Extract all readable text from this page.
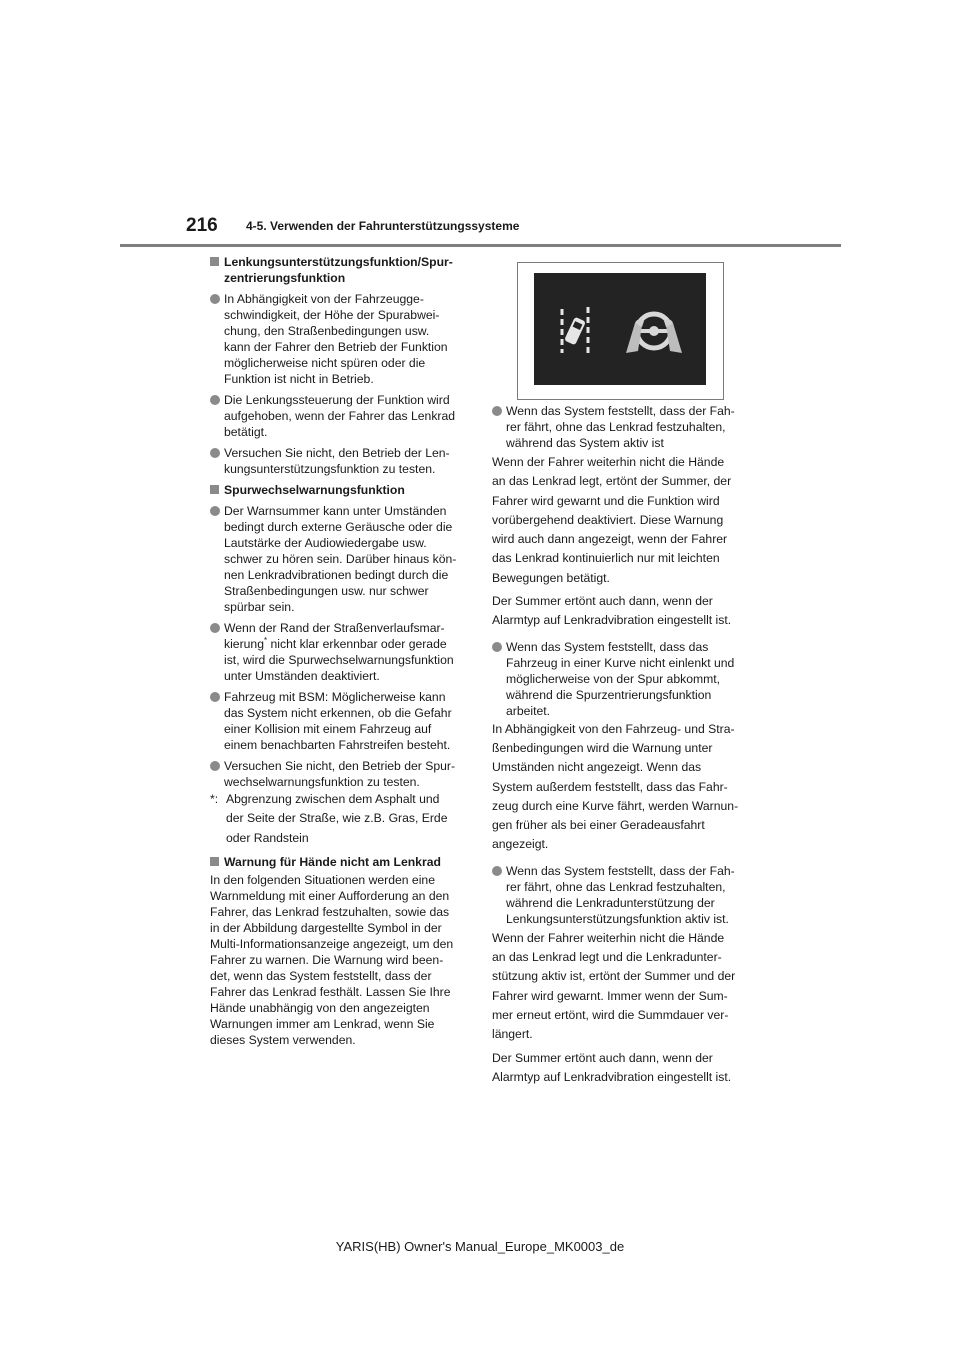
216 4-5. Verwenden der Fahrunterstützungssysteme
Lenkungsunterstützungsfunktion/Spur-
zentrierungsfunktion
In Abhängigkeit von der Fahrzeugge-
schwindigkeit, der Höhe der Spurabwei-
chung, den Straßenbedingungen usw.
kann der Fahrer den Betrieb der Funktion
möglicherweise nicht spüren oder die
Funktion ist nicht in Betrieb.
Die Lenkungssteuerung der Funktion wird
aufgehoben, wenn der Fahrer das Lenkrad
betätigt.
Versuchen Sie nicht, den Betrieb der Len-
kungsunterstützungsfunktion zu testen.
Spurwechselwarnungsfunktion
Der Warnsummer kann unter Umständen
bedingt durch externe Geräusche oder die
Lautstärke der Audiowiedergabe usw.
schwer zu hören sein. Darüber hinaus kön-
nen Lenkradvibrationen bedingt durch die
Straßenbedingungen usw. nur schwer
spürbar sein.
Wenn der Rand der Straßenverlaufsmar-
kierung* nicht klar erkennbar oder gerade
ist, wird die Spurwechselwarnungsfunktion
unter Umständen deaktiviert.
Fahrzeug mit BSM: Möglicherweise kann
das System nicht erkennen, ob die Gefahr
einer Kollision mit einem Fahrzeug auf
einem benachbarten Fahrstreifen besteht.
Versuchen Sie nicht, den Betrieb der Spur-
wechselwarnungsfunktion zu testen.
*: Abgrenzung zwischen dem Asphalt und
der Seite der Straße, wie z.B. Gras, Erde
oder Randstein
Warnung für Hände nicht am Lenkrad
In den folgenden Situationen werden eine
Warnmeldung mit einer Aufforderung an den
Fahrer, das Lenkrad festzuhalten, sowie das
in der Abbildung dargestellte Symbol in der
Multi-Informationsanzeige angezeigt, um den
Fahrer zu warnen. Die Warnung wird been-
det, wenn das System feststellt, dass der
Fahrer das Lenkrad festhält. Lassen Sie Ihre
Hände unabhängig von den angezeigten
Warnungen immer am Lenkrad, wenn Sie
dieses System verwenden.
Wenn das System feststellt, dass der Fah-
rer fährt, ohne das Lenkrad festzuhalten,
während das System aktiv ist
Wenn der Fahrer weiterhin nicht die Hände
an das Lenkrad legt, ertönt der Summer, der
Fahrer wird gewarnt und die Funktion wird
vorübergehend deaktiviert. Diese Warnung
wird auch dann angezeigt, wenn der Fahrer
das Lenkrad kontinuierlich nur mit leichten
Bewegungen betätigt.
Der Summer ertönt auch dann, wenn der
Alarmtyp auf Lenkradvibration eingestellt ist.
Wenn das System feststellt, dass das
Fahrzeug in einer Kurve nicht einlenkt und
möglicherweise von der Spur abkommt,
während die Spurzentrierungsfunktion
arbeitet.
In Abhängigkeit von den Fahrzeug- und Stra-
ßenbedingungen wird die Warnung unter
Umständen nicht angezeigt. Wenn das
System außerdem feststellt, dass das Fahr-
zeug durch eine Kurve fährt, werden Warnun-
gen früher als bei einer Geradeausfahrt
angezeigt.
Wenn das System feststellt, dass der Fah-
rer fährt, ohne das Lenkrad festzuhalten,
während die Lenkradunterstützung der
Lenkungsunterstützungsfunktion aktiv ist.
Wenn der Fahrer weiterhin nicht die Hände
an das Lenkrad legt und die Lenkradunter-
stützung aktiv ist, ertönt der Summer und der
Fahrer wird gewarnt. Immer wenn der Sum-
mer erneut ertönt, wird die Summdauer ver-
längert.
Der Summer ertönt auch dann, wenn der
Alarmtyp auf Lenkradvibration eingestellt ist.
YARIS(HB) Owner's Manual_Europe_MK0003_de
